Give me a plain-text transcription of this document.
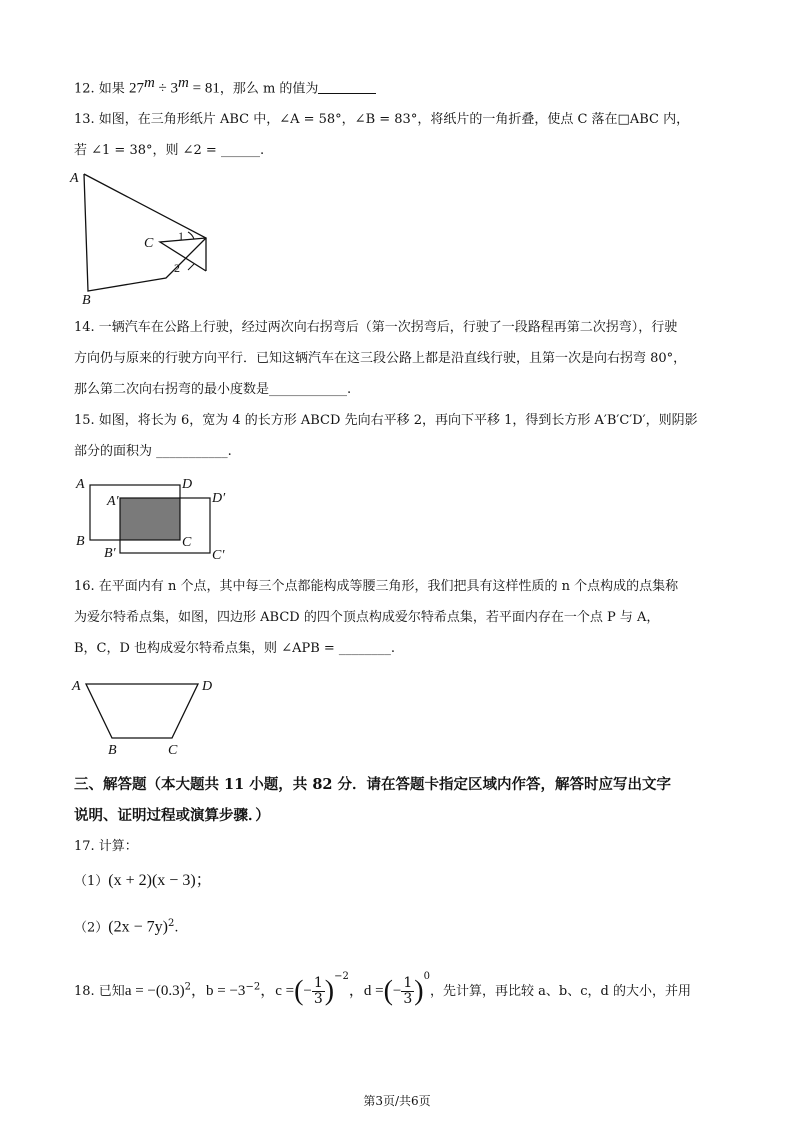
12. 如果 $27^m \div 3^m = 81$，那么 m 的值为
13. 如图，在三角形纸片 ABC 中，∠A = 58°，∠B = 83°，将纸片的一角折叠，使点 C 落在□ABC 内，
若 ∠1 = 38°，则 ∠2 = ______.
A
B
C 1
2
14. 一辆汽车在公路上行驶，经过两次向右拐弯后（第一次拐弯后，行驶了一段路程再第二次拐弯），行驶
方向仍与原来的行驶方向平行．已知这辆汽车在这三段公路上都是沿直线行驶，且第一次是向右拐弯 80°，
那么第二次向右拐弯的最小度数是____________.
15. 如图，将长为 6，宽为 4 的长方形 ABCD 先向右平移 2，再向下平移 1，得到长方形 A′B′C′D′，则阴影
部分的面积为 ___________.
A
B	C
D
A′
B′	C′
D′
16. 在平面内有 n 个点，其中每三个点都能构成等腰三角形，我们把具有这样性质的 n 个点构成的点集称
为爱尔特希点集，如图，四边形 ABCD 的四个顶点构成爱尔特希点集，若平面内存在一个点 P 与 A，
B，C，D 也构成爱尔特希点集，则 ∠APB = ________.
A	D
B	C
三、解答题（本大题共 11 小题，共 82 分．请在答题卡指定区域内作答，解答时应写出文字
说明、证明过程或演算步骤．）
17. 计算：
（1）(x + 2)(x − 3)；
$(2)(2x - 7y)^2$.
18. 已知$a = -(0.3)^2$，$b = -3^{-2}$，c =(− $\frac{1}{3} )^{-2}$，d =(− $\frac{1}{3} )^0$，先计算，再比较 a、b、c，d 的大小，并用
第3页/共6页
